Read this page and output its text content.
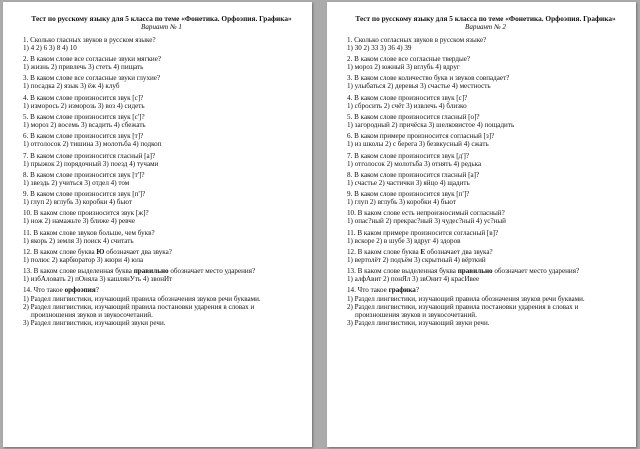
Тест по русскому языку для 5 класса по теме «Фонетика. Орфоэпия. Графика»
Вариант № 1
1. Сколько гласных звуков в русском языке?
1) 4 2) 6 3) 8 4) 10
2. В каком слове все согласные звуки мягкие?
1) жизнь 2) привлечь 3) стеть 4) пищать
3. В каком слове все согласные звуки глухие?
1) посадка 2) язык 3) ёж 4) клуб
4. В каком слове произносится звук [с]?
1) изморось 2) изморозь 3) воз 4) сидеть
5. В каком слове произносится звук [с']?
1) мороз 2) восемь 3) всадить 4) сбежать
6. В каком слове произносится звук [т]?
1) отголосок 2) тишина 3) молотьба 4) подкоп
7. В каком слове произносится гласный [а]?
1) прыжок 2) порядочный 3) поезд 4) тучами
8. В каком слове произносится звук [т']?
1) звездь 2) учиться 3) отдел 4) том
9. В каком слове произносится звук [п']?
1) глуп 2) вглубь 3) коробки 4) бьют
10. В каком слове произносится звук [ж]?
1) нож 2) намажьте 3) ближе 4) ревче
11. В каком слове звуков больше, чем букв?
1) якорь 2) земля 3) поиск 4) считать
12. В каком слове буква Ю обозначает два звука?
1) полюс 2) карбюратор 3) жюри 4) юла
13. В каком слове выделенная буква правильно обозначает место ударения?
1) избАловать 2) пОняла 3) кашлянУть 4) звонИт
14. Что такое орфоэпия?
1) Раздел лингвистики, изучающий правила обозначения звуков речи буквами.
2) Раздел лингвистики, изучающий правила постановки ударения в словах и произношения звуков и звукосочетаний.
3) Раздел лингвистики, изучающий звуки речи.
Тест по русскому языку для 5 класса по теме «Фонетика. Орфоэпия. Графика»
Вариант № 2
1. Сколько согласных звуков в русском языке?
1) 30 2) 33 3) 36 4) 39
2. В каком слове все согласные твердые?
1) мороз 2) южный 3) вглубь 4) вдруг
3. В каком слове количество букв и звуков совпадает?
1) улыбаться 2) деревья 3) счастье 4) местность
4. В каком слове произносится звук [с]?
1) сбросить 2) счёт 3) извлечь 4) близко
5. В каком слове произносится гласный [о]?
1) загородный 2) причёска 3) шелковистое 4) пощадить
6. В каком примере произносится согласный [з]?
1) из школы 2) с берега 3) безвкусный 4) сжать
7. В каком слове произносится звук [д']?
1) отголосок 2) молотьба 3) отнять 4) редька
8. В каком слове произносится гласный [а]?
1) счастье 2) частички 3) яйцо 4) щадить
9. В каком слове произносится звук [п']?
1) глуп 2) вглубь 3) коробки 4) бьют
10. В каком слове есть непроизносимый согласный?
1) опас?ный 2) прекрас?ный 3) чудес?ный 4) ус?ный
11. В каком примере произносится согласный [в]?
1) вскоре 2) в шубе 3) вдруг 4) здоров
12. В каком слове буква Е обозначает два звука?
1) вертолёт 2) подъём 3) скрытный 4) вёрткий
13. В каком слове выделенная буква правильно обозначает место ударения?
1) алфАвит 2) понЯл 3) звОнит 4) красИвее
14. Что такое графика?
1) Раздел лингвистики, изучающий правила обозначения звуков речи буквами.
2) Раздел лингвистики, изучающий правила постановки ударения в словах и произношения звуков и звукосочетаний.
3) Раздел лингвистики, изучающий звуки речи.
